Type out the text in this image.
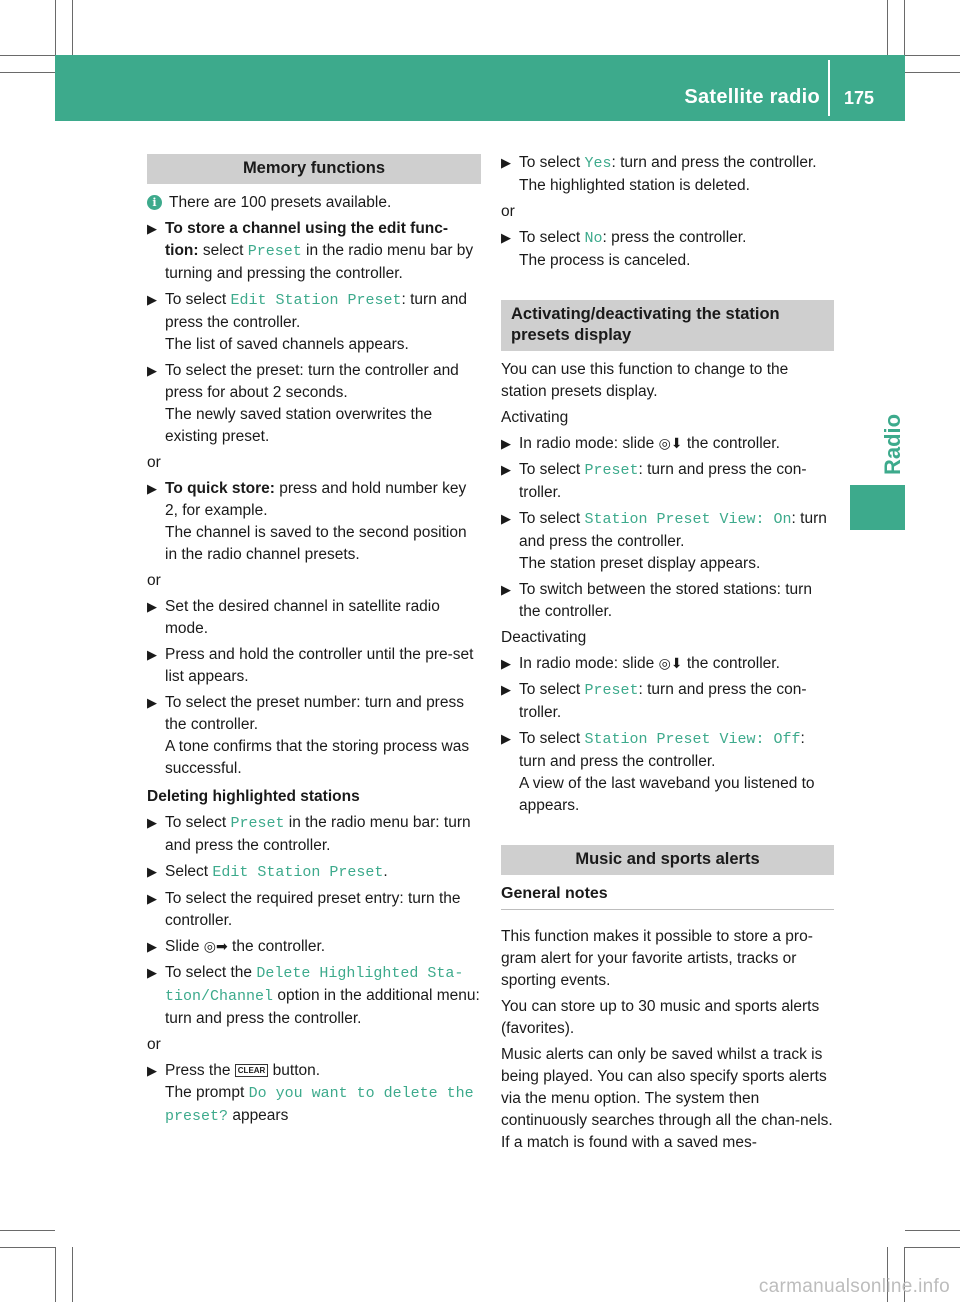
Satellite radio 175
Radio
Memory functions
i There are 100 presets available.
▶ To store a channel using the edit func-tion: select Preset in the radio menu bar by turning and pressing the controller.
▶ To select Edit Station Preset: turn and press the controller.
The list of saved channels appears.
▶ To select the preset: turn the controller and press for about 2 seconds.
The newly saved station overwrites the existing preset.
or
▶ To quick store: press and hold number key 2, for example.
The channel is saved to the second position in the radio channel presets.
or
▶ Set the desired channel in satellite radio mode.
▶ Press and hold the controller until the pre-set list appears.
▶ To select the preset number: turn and press the controller.
A tone confirms that the storing process was successful.
Deleting highlighted stations
▶ To select Preset in the radio menu bar: turn and press the controller.
▶ Select Edit Station Preset.
▶ To select the required preset entry: turn the controller.
▶ Slide ◎➡ the controller.
▶ To select the Delete Highlighted Sta-tion/Channel option in the additional menu: turn and press the controller.
or
▶ Press the CLEAR button.
The prompt Do you want to delete the preset? appears
▶ To select Yes: turn and press the controller.
The highlighted station is deleted.
or
▶ To select No: press the controller.
The process is canceled.
Activating/deactivating the station presets display
You can use this function to change to the station presets display.
Activating
▶ In radio mode: slide ◎⬇ the controller.
▶ To select Preset: turn and press the con-troller.
▶ To select Station Preset View: On: turn and press the controller.
The station preset display appears.
▶ To switch between the stored stations: turn the controller.
Deactivating
▶ In radio mode: slide ◎⬇ the controller.
▶ To select Preset: turn and press the con-troller.
▶ To select Station Preset View: Off: turn and press the controller.
A view of the last waveband you listened to appears.
Music and sports alerts
General notes
This function makes it possible to store a pro-gram alert for your favorite artists, tracks or sporting events.
You can store up to 30 music and sports alerts (favorites).
Music alerts can only be saved whilst a track is being played. You can also specify sports alerts via the menu option. The system then continuously searches through all the chan-nels. If a match is found with a saved mes-
carmanualsonline.info
